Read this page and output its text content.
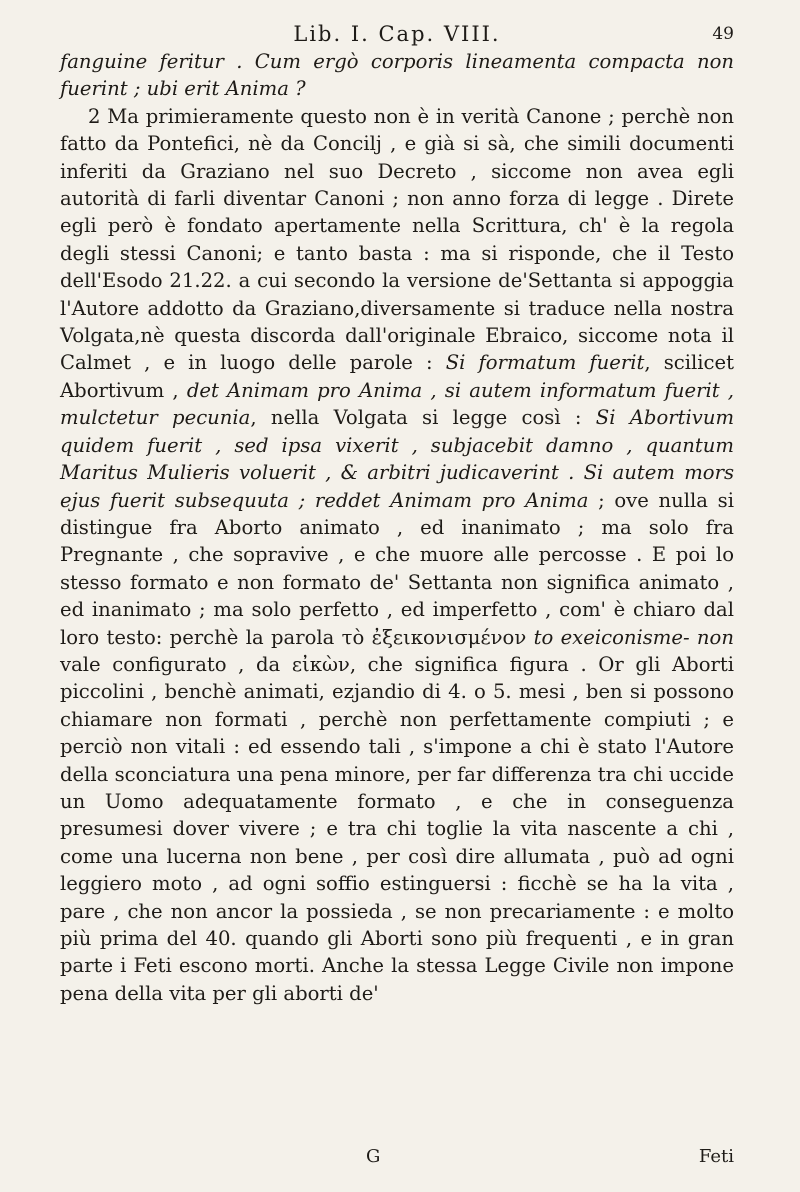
Lib. I. Cap. VIII.	49

fanguine feritur . Cum ergò corporis lineamenta compacta non fuerint ; ubi erit Anima ?

2 Ma primieramente questo non è in verità Canone ; perchè non fatto da Pontefici, nè da Concilj , e già si sà, che simili documenti inferiti da Graziano nel suo Decreto , siccome non avea egli autorità di farli diventar Canoni ; non anno forza di legge . Direte egli però è fondato apertamente nella Scrittura, ch' è la regola degli stessi Canoni; e tanto basta : ma si risponde, che il Testo dell'Esodo 21.22. a cui secondo la versione de'Settanta si appoggia l'Autore addotto da Graziano,diversamente si traduce nella nostra Volgata,nè questa discorda dall'originale Ebraico, siccome nota il Calmet , e in luogo delle parole : Si formatum fuerit, scilicet Abortivum , det Animam pro Anima , si autem informatum fuerit , mulctetur pecunia, nella Volgata si legge così : Si Abortivum quidem fuerit , sed ipsa vixerit , subjacebit damno , quantum Maritus Mulieris voluerit , & arbitri judicaverint . Si autem mors ejus fuerit subsequuta ; reddet Animam pro Anima ; ove nulla si distingue fra Aborto animato , ed inanimato ; ma solo fra Pregnante , che sopravive , e che muore alle percosse . E poi lo stesso formato e non formato de' Settanta non significa animato , ed inanimato ; ma solo perfetto , ed imperfetto , com' è chiaro dal loro testo: perchè la parola τὸ ἐξεικονισμένον to exeiconisme- non vale configurato , da εἰκὼν, che significa figura . Or gli Aborti piccolini , benchè animati, ezjandio di 4. o 5. mesi , ben si possono chiamare non formati , perchè non perfettamente compiuti ; e perciò non vitali : ed essendo tali , s'impone a chi è stato l'Autore della sconciatura una pena minore, per far differenza tra chi uccide un Uomo adequatamente formato , e che in conseguenza presumesi dover vivere ; e tra chi toglie la vita nascente a chi , come una lucerna non bene , per così dire allumata , può ad ogni leggiero moto , ad ogni soffio estinguersi : ficchè se ha la vita , pare , che non ancor la possieda , se non precariamente : e molto più prima del 40. quando gli Aborti sono più frequenti , e in gran parte i Feti escono morti. Anche la stessa Legge Civile non impone pena della vita per gli aborti de'

G	Feti
